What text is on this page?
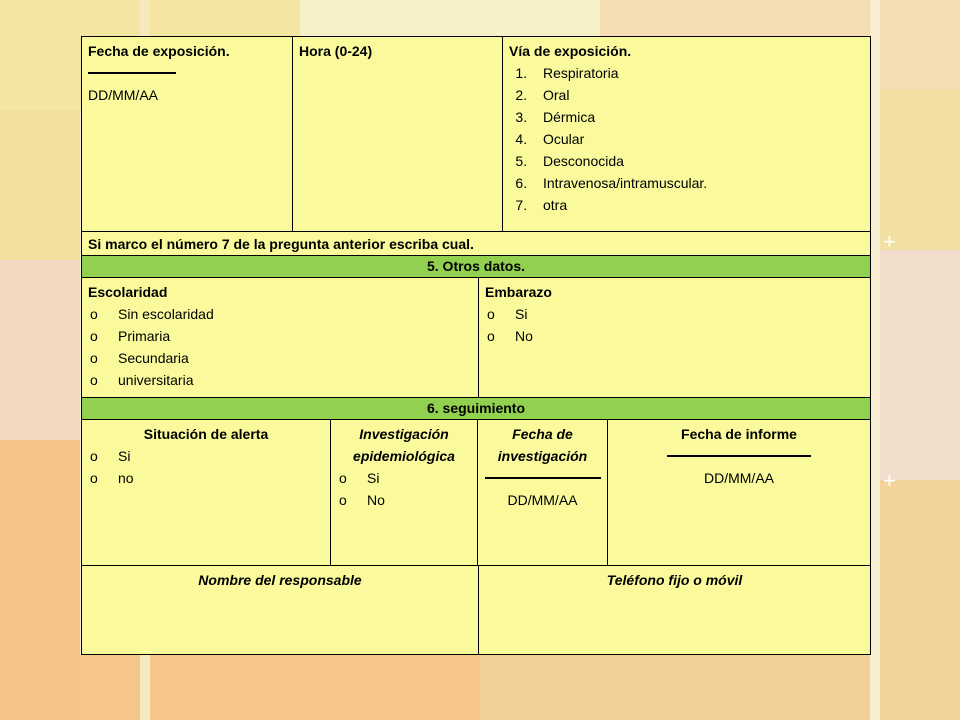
+
+
Fecha de exposición.
DD/MM/AA
Hora (0-24)	Vía de exposición.
1. Respiratoria
2. Oral
3. Dérmica
4. Ocular
5. Desconocida
6. Intravenosa/intramuscular.
7. otra
Si marco el número 7 de la pregunta anterior escriba cual.
5. Otros datos.
Escolaridad
o Sin escolaridad
o Primaria
o Secundaria
o universitaria
Embarazo
o Si
o No
6. seguimiento
Situación de alerta
o Si
o no
Investigación
epidemiológica
o Si
o No
Fecha de
investigación
DD/MM/AA
Fecha de informe
DD/MM/AA
Nombre del responsable	Teléfono fijo o móvil
